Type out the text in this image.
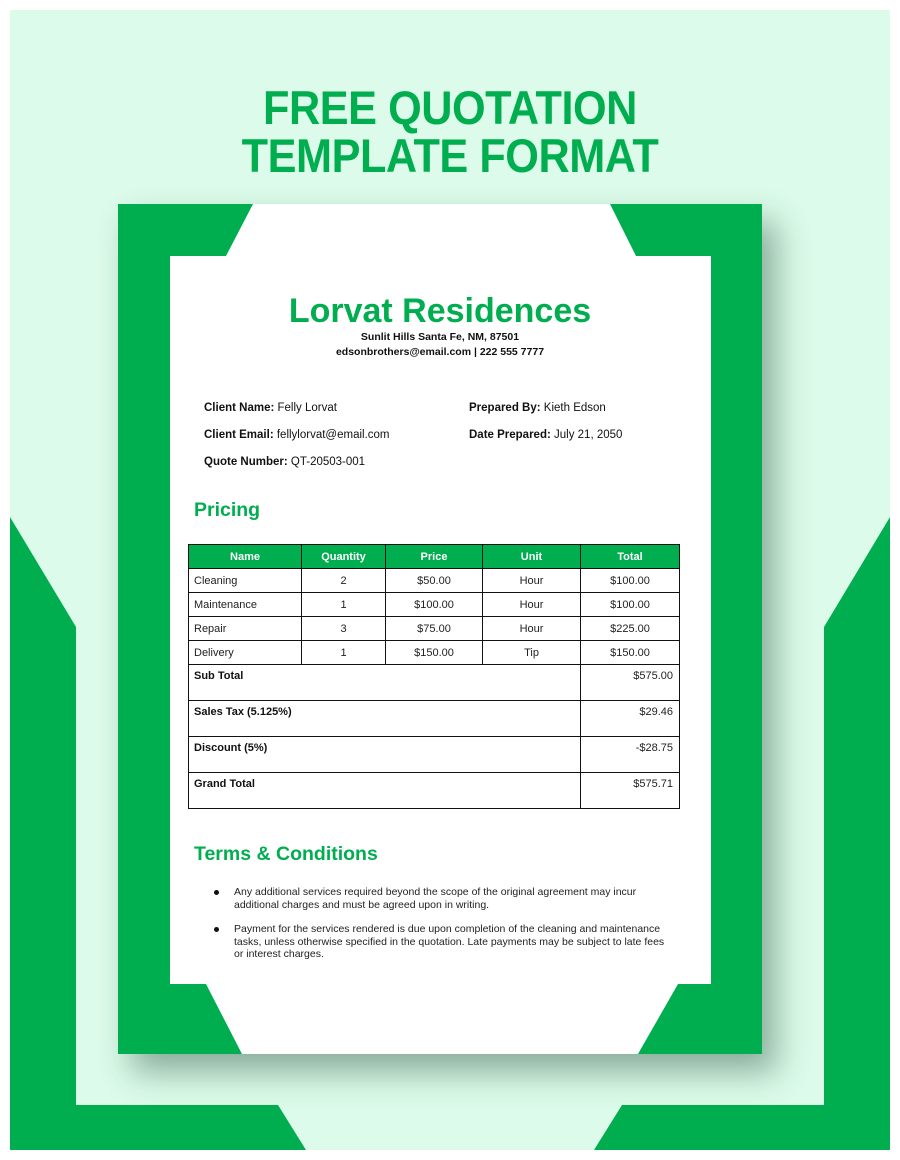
FREE QUOTATION
TEMPLATE FORMAT
Lorvat Residences
Sunlit Hills Santa Fe, NM, 87501
edsonbrothers@email.com | 222 555 7777
Client Name: Felly Lorvat
Client Email: fellylorvat@email.com
Quote Number: QT-20503-001
Prepared By: Kieth Edson
Date Prepared: July 21, 2050
Pricing
Name	Quantity	Price	Unit	Total
Cleaning	2	$50.00	Hour	$100.00
Maintenance	1	$100.00	Hour	$100.00
Repair	3	$75.00	Hour	$225.00
Delivery	1	$150.00	Tip	$150.00
Sub Total				$575.00
Sales Tax (5.125%)				$29.46
Discount (5%)				-$28.75
Grand Total				$575.71
Terms & Conditions
Any additional services required beyond the scope of the original agreement may incur additional charges and must be agreed upon in writing.
Payment for the services rendered is due upon completion of the cleaning and maintenance tasks, unless otherwise specified in the quotation. Late payments may be subject to late fees or interest charges.
